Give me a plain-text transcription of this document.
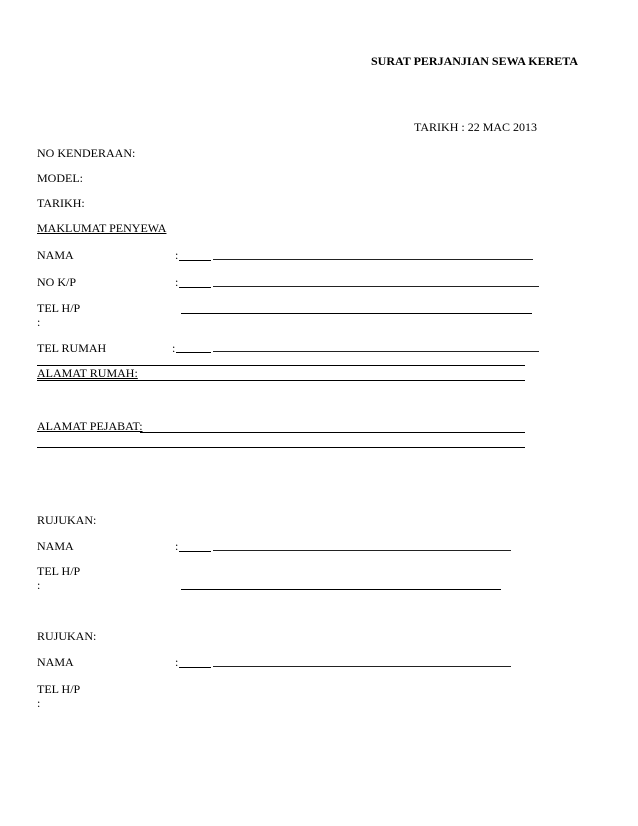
SURAT PERJANJIAN SEWA KERETA
TARIKH : 22 MAC 2013
NO KENDERAAN:
MODEL:
TARIKH:
MAKLUMAT PENYEWA
NAMA	:
NO K/P	:
TEL H/P
:
TEL RUMAH	:
ALAMAT RUMAH:
ALAMAT PEJABAT:
RUJUKAN:
NAMA	:
TEL H/P
:
RUJUKAN:
NAMA	:
TEL H/P
:
